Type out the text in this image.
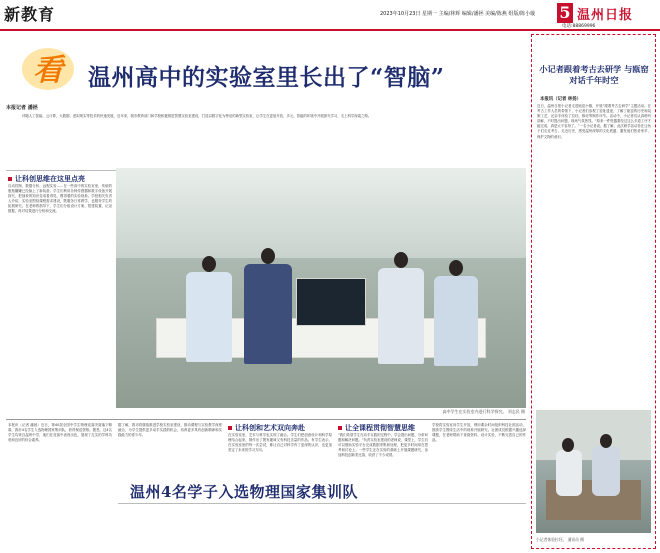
新教育	2023年10月23日 星期一 主编/林辉 编辑/潘拯 美编/陈燕 组版/陈小璇 5 温州日报
电话:88869996
看 温州高中的实验室里长出了“智脑”
本报记者 潘拯
伴随人工智能、云计算、大数据、虚拟现实等技术的快速发展，近年来，我市教育部门和学校积极推进智慧实验室建设，打造以数字化为特征的新型实验室，让学生在更加开放、多元、智能的环境中开展探究学习，走上科学探索之路。
让科创思维在这里点亮
自动控制、数据分析、远程实验……在一些高中的实验室里，传统的瓶瓶罐罐已经换上了新装备。学生们利用各种传感器和数字设备开展探究，把抽象的知识变成看得见、摸得着的实验现象。学校相关负责人介绍，实验室围绕课程需求建设，既服务日常教学，也服务学生的拓展研究。在老师的指导下，学生们分组设计方案、搭建装置、记录数据，再对结果进行分析和交流。
高中学生在实验室内进行科学探究。 刘志民 摄
本报讯（记者 潘拯）近日，第40届全国中学生物理竞赛决赛落下帷幕，我市4名学生入选物理国家集训队，获得保送资格。据悉，这4名学生均来自温州中学，他们在竞赛中表现出色，展现了扎实的学科功底和良好的综合素养。
据了解，我市将继续推进学校实验室建设，推动课程与实验教学深度融合，为学生提供更多动手实践的机会，培养更多具有创新精神和实践能力的青少年。
让科创和艺术双向奔赴
在实验室里，艺术与科学也实现了融合。学生们把创意设计和科学原理结合起来，制作出了既有趣味又有科技含量的作品。有学生表示，在实验室里的每一次尝试，都让自己对科学有了更深的认识，也更加坚定了未来的学习方向。
让全课程贯彻智慧思维
“我们希望学生在动手实践的过程中，学会提出问题、分析问题和解决问题。”负责实验室建设的老师说，课堂上，学生们可以借助实验平台完成数据采集和处理，把更多时间用在思考和讨论上。一些学生还在实验的基础上开展课题研究，参加科技创新类比赛，收获了不少成绩。
学校将实验室向学生开放，利用课余时间组织科技社团活动，鼓励学生围绕生活中的现象开展研究。社团成员根据兴趣选择课题，在老师帮助下查阅资料、设计实验，不断完善自己的作品。
温州4名学子入选物理国家集训队
小记者跟着考古去研学 与瓯窑对话千年时空
本报讯（记者 林扬）
近日，温州日报小记者走进瓯窑小镇，开展“跟着考古去研学”主题活动。在考古工作人员的带领下，小记者们参观了窑址遗迹，了解了瓯窑的历史和烧制工艺，还亲手体验了拉坯、修坯等制作环节。活动中，小记者们认真聆听讲解，不时提出问题，现场气氛热烈。“原来一件瓷器要经过这么多道工序才能完成，真是太不容易了。”一名小记者说。据了解，此次研学活动旨在让孩子们走近考古、走近历史，感受温州深厚的文化底蕴，激发他们热爱家乡、保护文物的意识。
小记者体验拉坯。 通讯员 摄
